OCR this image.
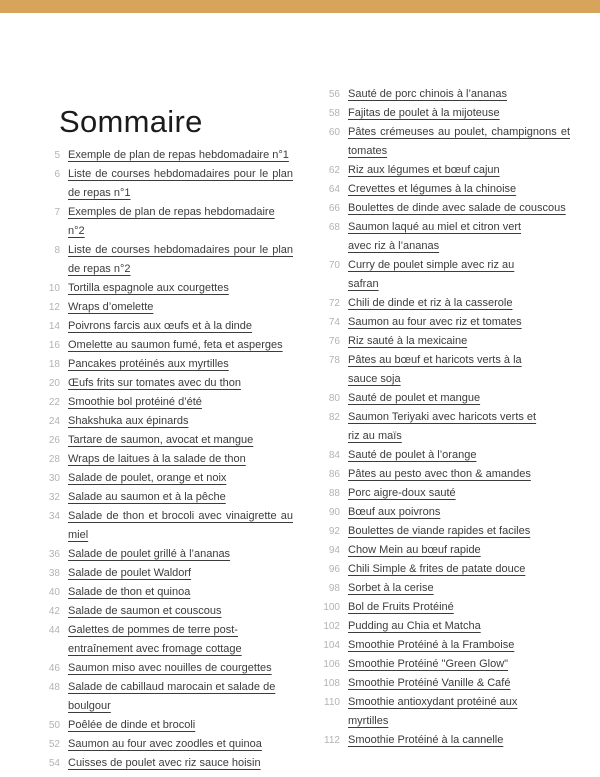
Sommaire
5 Exemple de plan de repas hebdomadaire n°1
6 Liste de courses hebdomadaires pour le plan
de repas n°1
7 Exemples de plan de repas hebdomadaire n°2
8 Liste de courses hebdomadaires pour le plan
de repas n°2
10 Tortilla espagnole aux courgettes
12 Wraps d’omelette
14 Poivrons farcis aux œufs et à la dinde
16 Omelette au saumon fumé, feta et asperges
18 Pancakes protéinés aux myrtilles
20 Œufs frits sur tomates avec du thon
22 Smoothie bol protéiné d’été
24 Shakshuka aux épinards
26 Tartare de saumon, avocat et mangue
28 Wraps de laitues à la salade de thon
30 Salade de poulet, orange et noix
32 Salade au saumon et à la pêche
34 Salade de thon et brocoli avec vinaigrette au
miel
36 Salade de poulet grillé à l’ananas
38 Salade de poulet Waldorf
40 Salade de thon et quinoa
42 Salade de saumon et couscous
44 Galettes de pommes de terre post-
entraînement avec fromage cottage
46 Saumon miso avec nouilles de courgettes
48 Salade de cabillaud marocain et salade de
boulgour
50 Poêlée de dinde et brocoli
52 Saumon au four avec zoodles et quinoa
54 Cuisses de poulet avec riz sauce hoisin
56 Sauté de porc chinois à l’ananas
58 Fajitas de poulet à la mijoteuse
60 Pâtes crémeuses au poulet, champignons et
tomates
62 Riz aux légumes et bœuf cajun
64 Crevettes et légumes à la chinoise
66 Boulettes de dinde avec salade de couscous
68 Saumon laqué au miel et citron vert
avec riz à l’ananas
70 Curry de poulet simple avec riz au
safran
72 Chili de dinde et riz à la casserole
74 Saumon au four avec riz et tomates
76 Riz sauté à la mexicaine
78 Pâtes au bœuf et haricots verts à la
sauce soja
80 Sauté de poulet et mangue
82 Saumon Teriyaki avec haricots verts et
riz au maïs
84 Sauté de poulet à l’orange
86 Pâtes au pesto avec thon & amandes
88 Porc aigre-doux sauté
90 Bœuf aux poivrons
92 Boulettes de viande rapides et faciles
94 Chow Mein au bœuf rapide
96 Chili Simple & frites de patate douce
98 Sorbet à la cerise
100 Bol de Fruits Protéiné
102 Pudding au Chia et Matcha
104 Smoothie Protéiné à la Framboise
106 Smoothie Protéiné "Green Glow"
108 Smoothie Protéiné Vanille & Café
110 Smoothie antioxydant protéiné aux
myrtilles
112 Smoothie Protéiné à la cannelle
